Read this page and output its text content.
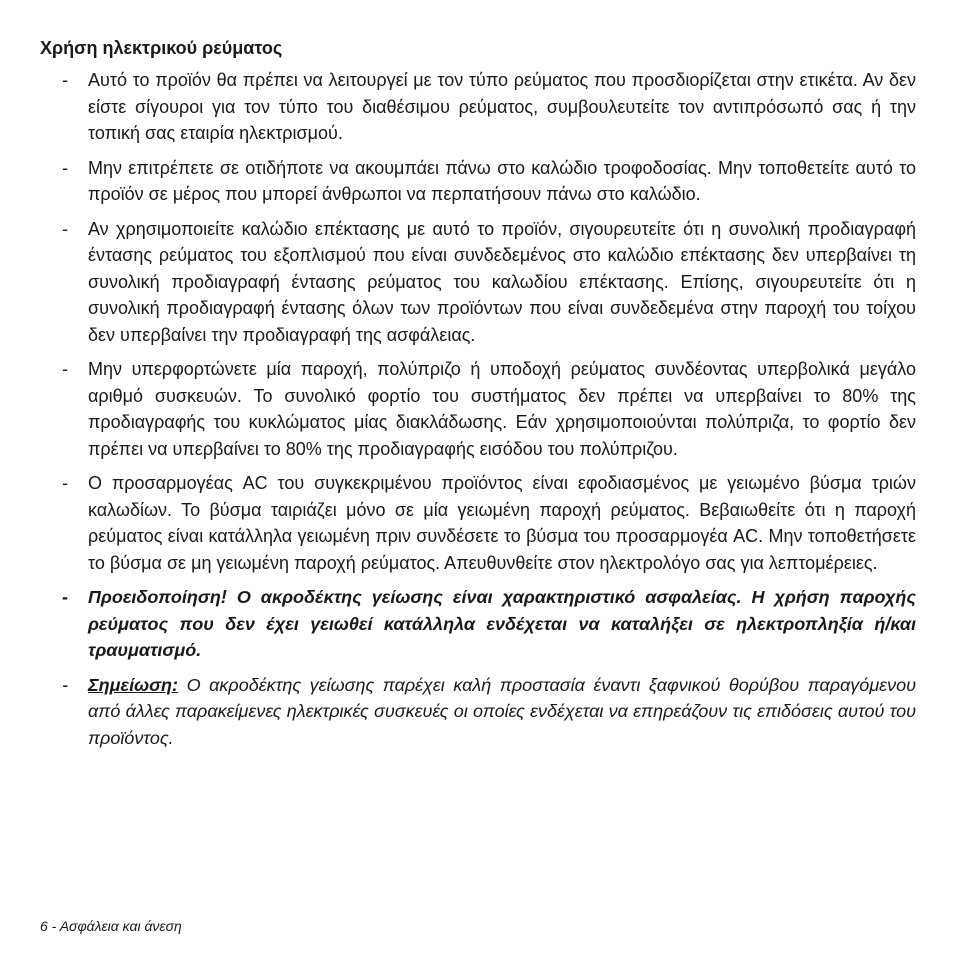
Χρήση ηλεκτρικού ρεύματος
- Αυτό το προϊόν θα πρέπει να λειτουργεί με τον τύπο ρεύματος που προσδιορίζεται στην ετικέτα. Αν δεν είστε σίγουροι για τον τύπο του διαθέσιμου ρεύματος, συμβουλευτείτε τον αντιπρόσωπό σας ή την τοπική σας εταιρία ηλεκτρισμού.
- Μην επιτρέπετε σε οτιδήποτε να ακουμπάει πάνω στο καλώδιο τροφοδοσίας. Μην τοποθετείτε αυτό το προϊόν σε μέρος που μπορεί άνθρωποι να περπατήσουν πάνω στο καλώδιο.
- Αν χρησιμοποιείτε καλώδιο επέκτασης με αυτό το προϊόν, σιγουρευτείτε ότι η συνολική προδιαγραφή έντασης ρεύματος του εξοπλισμού που είναι συνδεδεμένος στο καλώδιο επέκτασης δεν υπερβαίνει τη συνολική προδιαγραφή έντασης ρεύματος του καλωδίου επέκτασης. Επίσης, σιγουρευτείτε ότι η συνολική προδιαγραφή έντασης όλων των προϊόντων που είναι συνδεδεμένα στην παροχή του τοίχου δεν υπερβαίνει την προδιαγραφή της ασφάλειας.
- Μην υπερφορτώνετε μία παροχή, πολύπριζο ή υποδοχή ρεύματος συνδέοντας υπερβολικά μεγάλο αριθμό συσκευών. Το συνολικό φορτίο του συστήματος δεν πρέπει να υπερβαίνει το 80% της προδιαγραφής του κυκλώματος μίας διακλάδωσης. Εάν χρησιμοποιούνται πολύπριζα, το φορτίο δεν πρέπει να υπερβαίνει το 80% της προδιαγραφής εισόδου του πολύπριζου.
- Ο προσαρμογέας AC του συγκεκριμένου προϊόντος είναι εφοδιασμένος με γειωμένο βύσμα τριών καλωδίων. Το βύσμα ταιριάζει μόνο σε μία γειωμένη παροχή ρεύματος. Βεβαιωθείτε ότι η παροχή ρεύματος είναι κατάλληλα γειωμένη πριν συνδέσετε το βύσμα του προσαρμογέα AC. Μην τοποθετήσετε το βύσμα σε μη γειωμένη παροχή ρεύματος. Απευθυνθείτε στον ηλεκτρολόγο σας για λεπτομέρειες.
- Προειδοποίηση! Ο ακροδέκτης γείωσης είναι χαρακτηριστικό ασφαλείας. Η χρήση παροχής ρεύματος που δεν έχει γειωθεί κατάλληλα ενδέχεται να καταλήξει σε ηλεκτροπληξία ή/και τραυματισμό.
- Σημείωση: Ο ακροδέκτης γείωσης παρέχει καλή προστασία έναντι ξαφνικού θορύβου παραγόμενου από άλλες παρακείμενες ηλεκτρικές συσκευές οι οποίες ενδέχεται να επηρεάζουν τις επιδόσεις αυτού του προϊόντος.
6 - Ασφάλεια και άνεση
